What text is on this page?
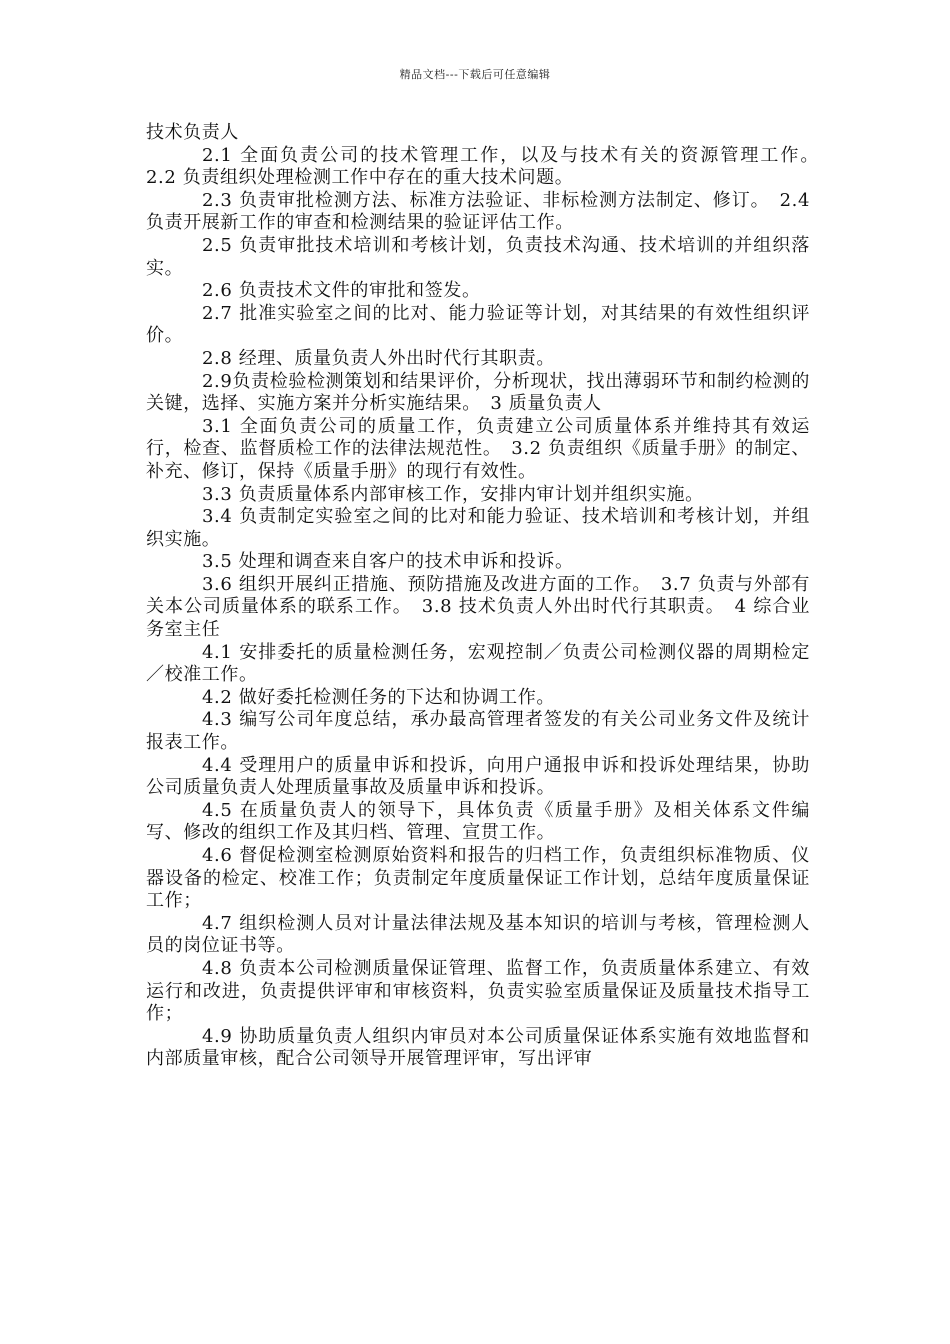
精品文档---下载后可任意编辑

技术负责人

2.1 全面负责公司的技术管理工作，以及与技术有关的资源管理工作。　2.2 负责组织处理检测工作中存在的重大技术问题。

2.3 负责审批检测方法、标准方法验证、非标检测方法制定、修订。　2.4 负责开展新工作的审查和检测结果的验证评估工作。

2.5 负责审批技术培训和考核计划，负责技术沟通、技术培训的并组织落实。

2.6 负责技术文件的审批和签发。

2.7 批准实验室之间的比对、能力验证等计划，对其结果的有效性组织评价。

2.8 经理、质量负责人外出时代行其职责。

2.9负责检验检测策划和结果评价，分析现状，找出薄弱环节和制约检测的关键，选择、实施方案并分析实施结果。　3 质量负责人

3.1 全面负责公司的质量工作，负责建立公司质量体系并维持其有效运行，检查、监督质检工作的法律法规范性。　3.2 负责组织《质量手册》的制定、补充、修订，保持《质量手册》的现行有效性。

3.3 负责质量体系内部审核工作，安排内审计划并组织实施。

3.4 负责制定实验室之间的比对和能力验证、技术培训和考核计划，并组织实施。

3.5 处理和调查来自客户的技术申诉和投诉。

3.6 组织开展纠正措施、预防措施及改进方面的工作。　3.7 负责与外部有关本公司质量体系的联系工作。　3.8 技术负责人外出时代行其职责。　4 综合业务室主任

4.1 安排委托的质量检测任务，宏观控制／负责公司检测仪器的周期检定／校准工作。

4.2 做好委托检测任务的下达和协调工作。

4.3 编写公司年度总结，承办最高管理者签发的有关公司业务文件及统计报表工作。

4.4 受理用户的质量申诉和投诉，向用户通报申诉和投诉处理结果，协助公司质量负责人处理质量事故及质量申诉和投诉。

4.5 在质量负责人的领导下，具体负责《质量手册》及相关体系文件编写、修改的组织工作及其归档、管理、宣贯工作。

4.6 督促检测室检测原始资料和报告的归档工作，负责组织标准物质、仪器设备的检定、校准工作；负责制定年度质量保证工作计划，总结年度质量保证工作；

4.7 组织检测人员对计量法律法规及基本知识的培训与考核，管理检测人员的岗位证书等。

4.8 负责本公司检测质量保证管理、监督工作，负责质量体系建立、有效运行和改进，负责提供评审和审核资料，负责实验室质量保证及质量技术指导工作；

4.9 协助质量负责人组织内审员对本公司质量保证体系实施有效地监督和内部质量审核，配合公司领导开展管理评审，写出评审
